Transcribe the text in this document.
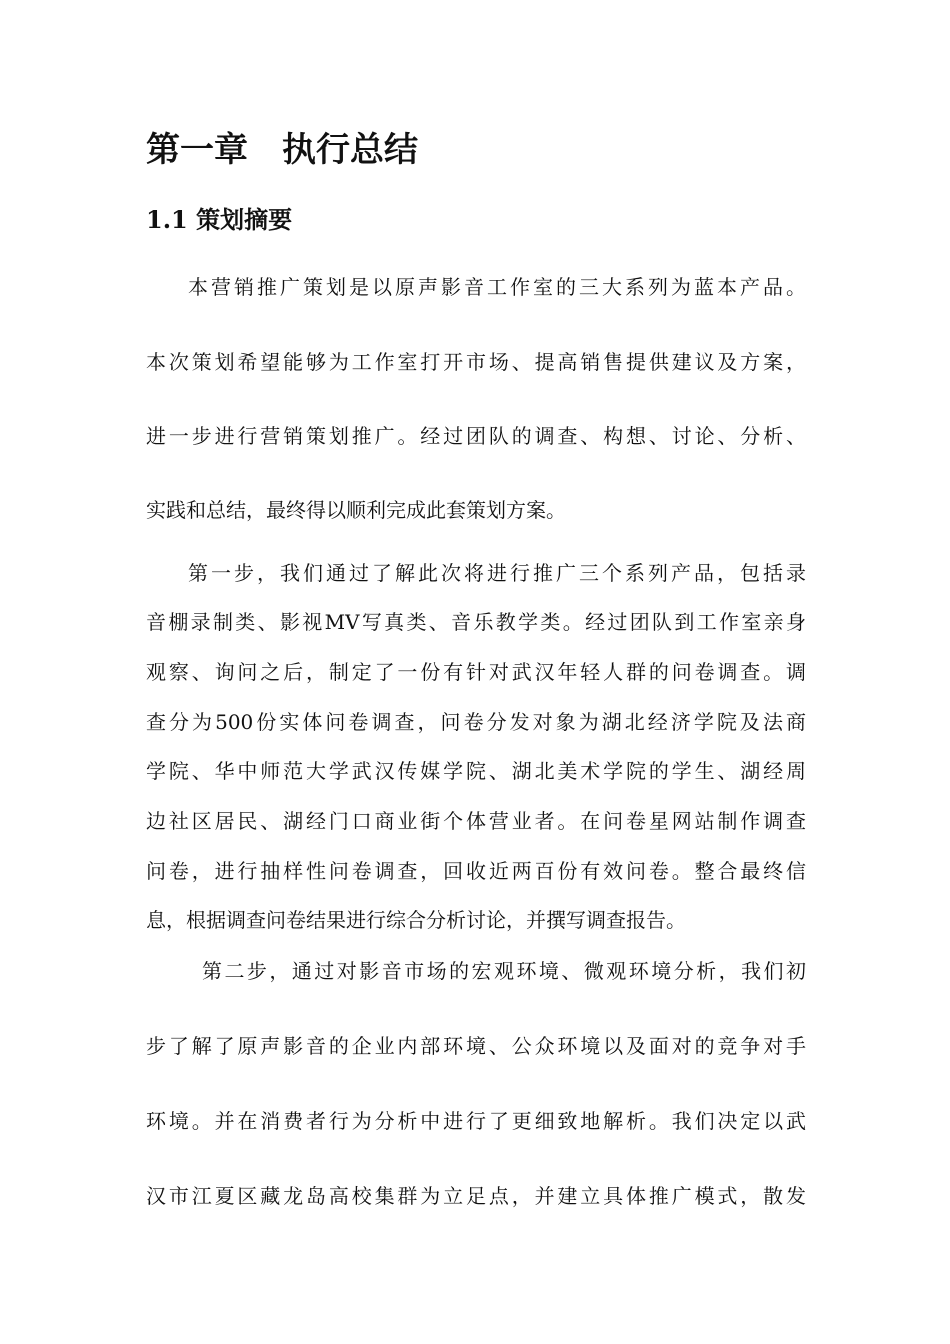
第一章　执行总结
1.1 策划摘要

本营销推广策划是以原声影音工作室的三大系列为蓝本产品。

本次策划希望能够为工作室打开市场、提高销售提供建议及方案，

进一步进行营销策划推广。经过团队的调查、构想、讨论、分析、

实践和总结，最终得以顺利完成此套策划方案。

第一步，我们通过了解此次将进行推广三个系列产品，包括录

音棚录制类、影视MV写真类、音乐教学类。经过团队到工作室亲身

观察、询问之后，制定了一份有针对武汉年轻人群的问卷调查。调

查分为500份实体问卷调查，问卷分发对象为湖北经济学院及法商

学院、华中师范大学武汉传媒学院、湖北美术学院的学生、湖经周

边社区居民、湖经门口商业街个体营业者。在问卷星网站制作调查

问卷，进行抽样性问卷调查，回收近两百份有效问卷。整合最终信

息，根据调查问卷结果进行综合分析讨论，并撰写调查报告。

第二步，通过对影音市场的宏观环境、微观环境分析，我们初

步了解了原声影音的企业内部环境、公众环境以及面对的竞争对手

环境。并在消费者行为分析中进行了更细致地解析。我们决定以武

汉市江夏区藏龙岛高校集群为立足点，并建立具体推广模式，散发
